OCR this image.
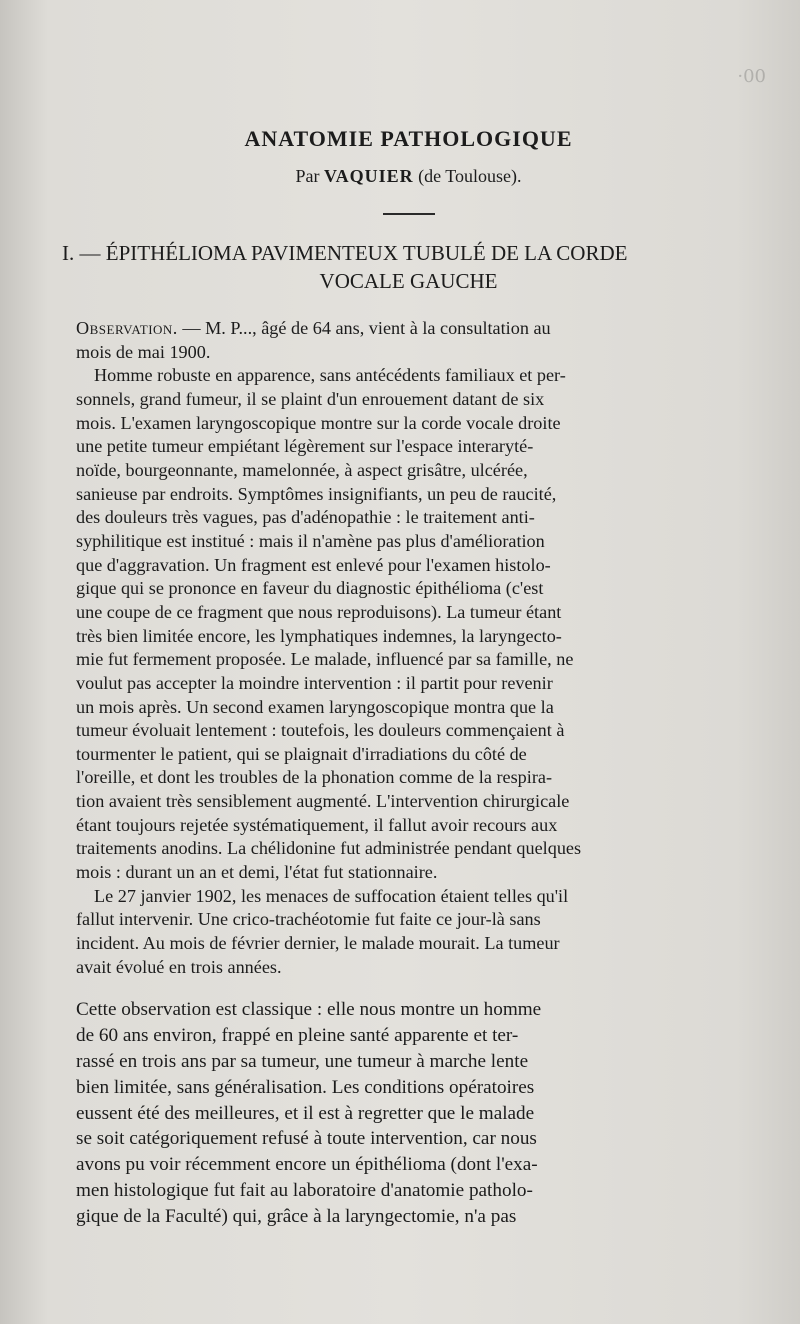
·00
ANATOMIE PATHOLOGIQUE

Par VAQUIER (de Toulouse).

I. — ÉPITHÉLIOMA PAVIMENTEUX TUBULÉ DE LA CORDE
VOCALE GAUCHE
Observation. — M. P..., âgé de 64 ans, vient à la consultation au
mois de mai 1900.
Homme robuste en apparence, sans antécédents familiaux et per-
sonnels, grand fumeur, il se plaint d'un enrouement datant de six
mois. L'examen laryngoscopique montre sur la corde vocale droite
une petite tumeur empiétant légèrement sur l'espace interaryté-
noïde, bourgeonnante, mamelonnée, à aspect grisâtre, ulcérée,
sanieuse par endroits. Symptômes insignifiants, un peu de raucité,
des douleurs très vagues, pas d'adénopathie : le traitement anti-
syphilitique est institué : mais il n'amène pas plus d'amélioration
que d'aggravation. Un fragment est enlevé pour l'examen histolo-
gique qui se prononce en faveur du diagnostic épithélioma (c'est
une coupe de ce fragment que nous reproduisons). La tumeur étant
très bien limitée encore, les lymphatiques indemnes, la laryngecto-
mie fut fermement proposée. Le malade, influencé par sa famille, ne
voulut pas accepter la moindre intervention : il partit pour revenir
un mois après. Un second examen laryngoscopique montra que la
tumeur évoluait lentement : toutefois, les douleurs commençaient à
tourmenter le patient, qui se plaignait d'irradiations du côté de
l'oreille, et dont les troubles de la phonation comme de la respira-
tion avaient très sensiblement augmenté. L'intervention chirurgicale
étant toujours rejetée systématiquement, il fallut avoir recours aux
traitements anodins. La chélidonine fut administrée pendant quelques
mois : durant un an et demi, l'état fut stationnaire.
Le 27 janvier 1902, les menaces de suffocation étaient telles qu'il
fallut intervenir. Une crico-trachéotomie fut faite ce jour-là sans
incident. Au mois de février dernier, le malade mourait. La tumeur
avait évolué en trois années.
Cette observation est classique : elle nous montre un homme
de 60 ans environ, frappé en pleine santé apparente et ter-
rassé en trois ans par sa tumeur, une tumeur à marche lente
bien limitée, sans généralisation. Les conditions opératoires
eussent été des meilleures, et il est à regretter que le malade
se soit catégoriquement refusé à toute intervention, car nous
avons pu voir récemment encore un épithélioma (dont l'exa-
men histologique fut fait au laboratoire d'anatomie patholo-
gique de la Faculté) qui, grâce à la laryngectomie, n'a pas
